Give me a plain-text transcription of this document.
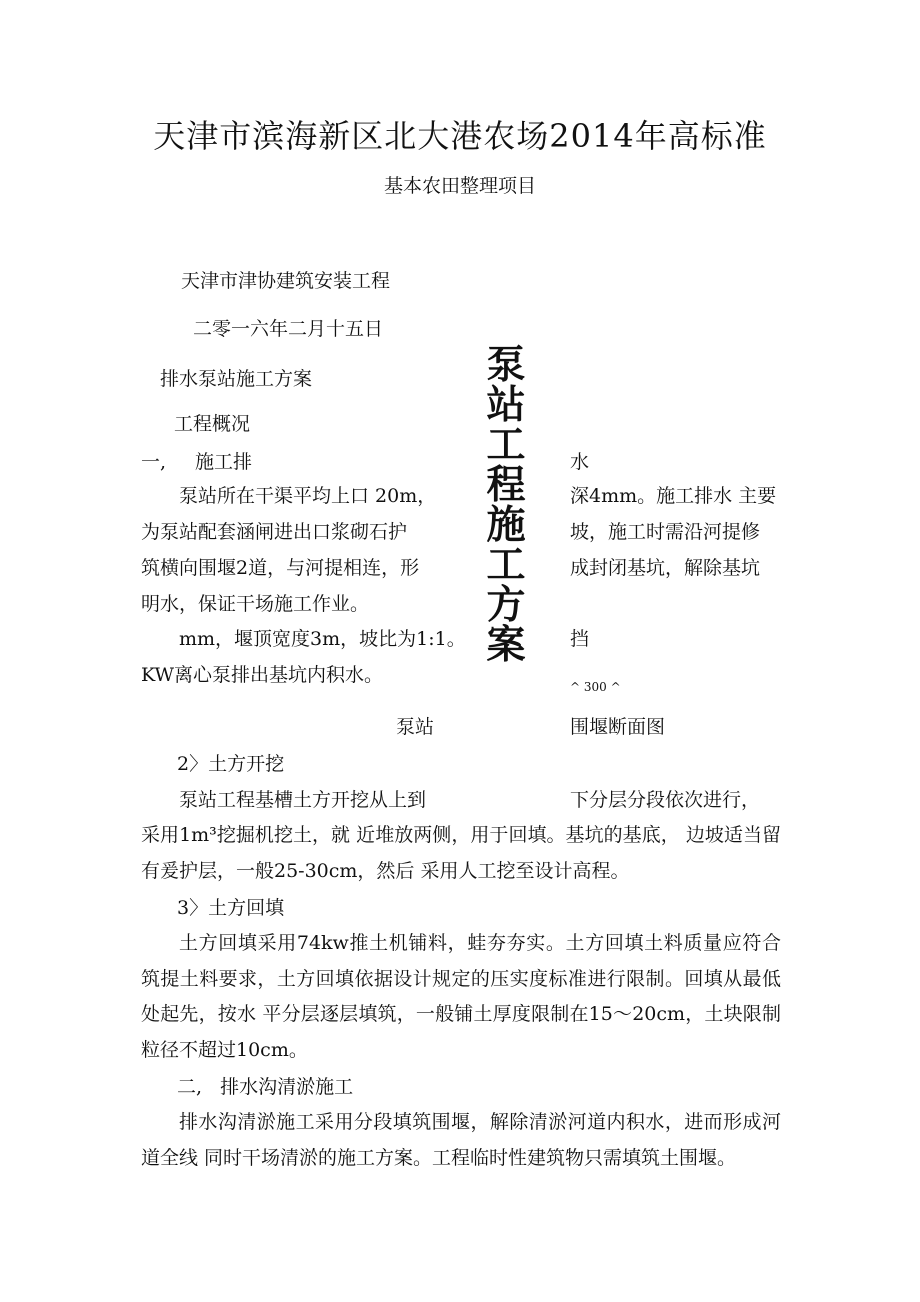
天津市滨海新区北大港农场2014年高标准
基本农田整理项目
天津市津协建筑安装工程
二零一六年二月十五日
排水泵站施工方案	泵
站
工
程
施
工
方
案
工程概况
一, 施工排	水
泵站所在干渠平均上口 20m，
为泵站配套涵闸进出口浆砌石护
筑横向围堰2道，与河提相连，形
明水，保证干场施工作业。
mm，堰顶宽度3m，坡比为1:1。
KW离心泵排出基坑内积水。
深4mm。施工排水 主要
坡，施工时需沿河提修
成封闭基坑，解除基坑
挡
^ 300 ^
泵站	围堰断面图
2〉土方开挖
泵站工程基槽土方开挖从上到	下分层分段依次进行，
采用1m³挖掘机挖土，就 近堆放两侧，用于回填。基坑的基底， 边坡适当留有爰护层，一般25-30cm，然后 采用人工挖至设计高程。
3〉土方回填
土方回填采用74kw推土机铺料，蛙夯夯实。土方回填土料质量应符合筑提土料要求，土方回填依据设计规定的压实度标准进行限制。回填从最低处起先，按水 平分层逐层填筑，一般铺土厚度限制在15～20cm，土块限制粒径不超过10cm。
二,   排水沟清淤施工
排水沟清淤施工采用分段填筑围堰，解除清淤河道内积水，进而形成河道全线 同时干场清淤的施工方案。工程临时性建筑物只需填筑土围堰。
